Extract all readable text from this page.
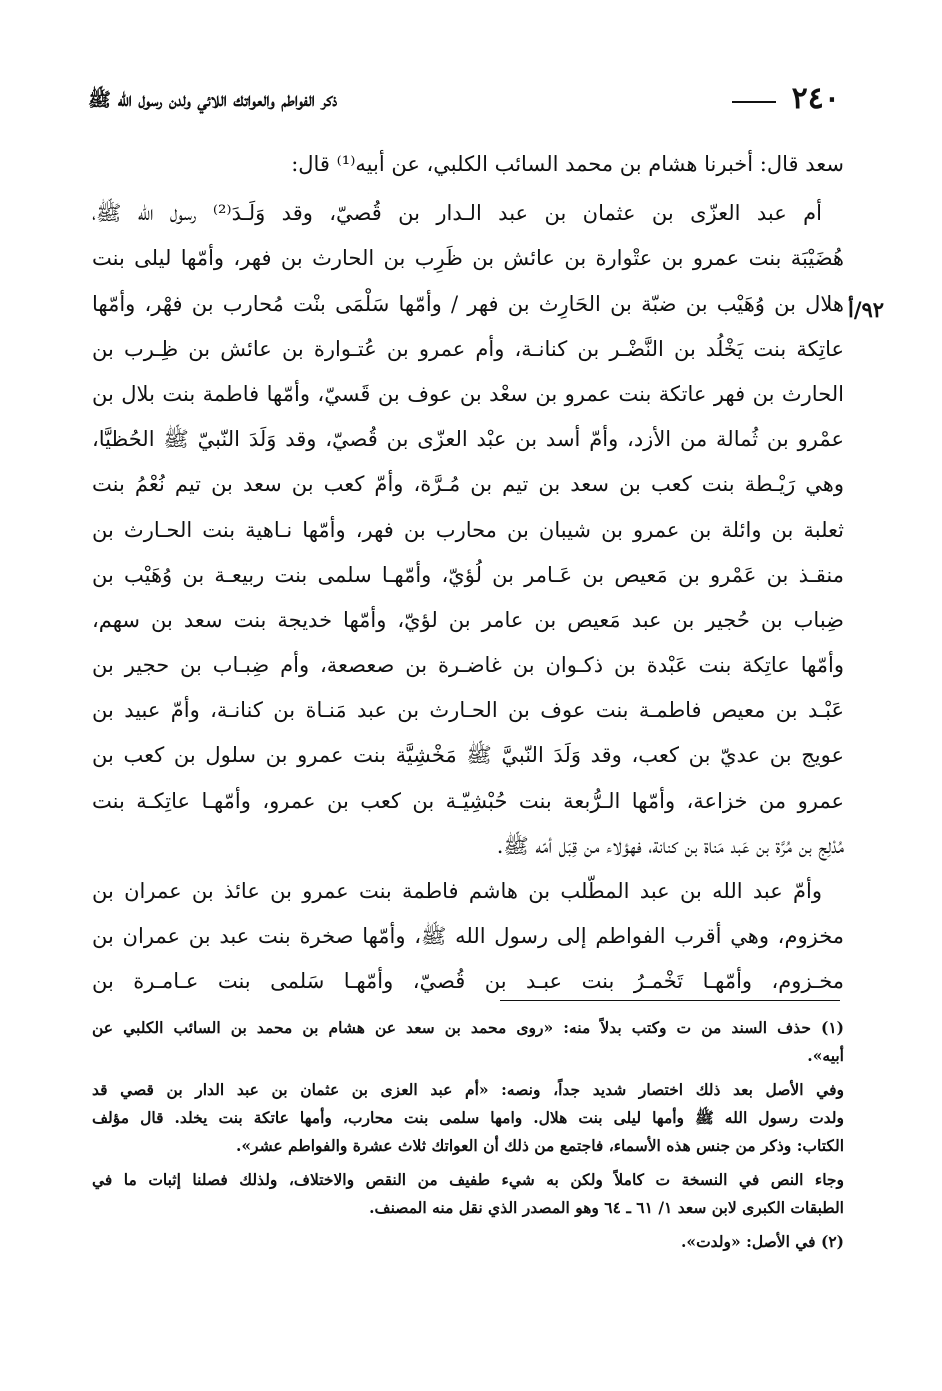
٢٤٠
ذكر الفواطم والعواتك اللائي ولدن رسول الله ﷺ
٩٢/أ
سعد قال: أخبرنا هشام بن محمد السائب الكلبي، عن أبيه⁽¹⁾ قال:
أم عبد العزّى بن عثمان بن عبد الـدار بن قُصيّ، وقد وَلَـدَ⁽²⁾ رسول الله ﷺ،
هُضَيْبَة بنت عمرو بن عتْوارة بن عائش بن ظَرِب بن الحارث بن فهر، وأمّها ليلى بنت
هلال بن وُهَيْب بن ضبّة بن الحَارِث بن فهر / وأمّها سَلْمَى بنْت مُحارب بن فهْر، وأمّها
عاتِكة بنت يَخْلُد بن النَّضْـر بن كنانـة، وأم عمرو بن عُتـوارة بن عائش بن ظِـرب بن
الحارث بن فهر عاتكة بنت عمرو بن سعْد بن عوف بن قَسيّ، وأمّها فاطمة بنت بلال بن
عمْرو بن ثُمالة من الأزد، وأمّ أسد بن عبْد العزّى بن قُصيّ، وقد وَلَدَ النّبيّ ﷺ الحُظيَّا،
وهي رَيْـطة بنت كعب بن سعد بن تيم بن مُـرَّة، وأمّ كعب بن سعد بن تيم نُعْمُ بنت
ثعلبة بن وائلة بن عمرو بن شيبان بن محارب بن فهر، وأمّها نـاهية بنت الحـارث بن
منقـذ بن عَمْرو بن مَعيص بن عَـامر بن لُؤيّ، وأمّهـا سلمى بنت ربيعـة بن وُهَيْب بن
ضِباب بن حُجير بن عبد مَعيص بن عامر بن لؤيّ، وأمّها خديجة بنت سعد بن سهم،
وأمّها عاتِكة بنت عَبْدة بن ذكـوان بن غاضـرة بن صعصعة، وأم ضِبـاب بن حجير بن
عَبْـد بن معيص فاطمـة بنت عوف بن الحـارث بن عبد مَنـاة بن كنانـة، وأمّ عبيد بن
عويج بن عديّ بن كعب، وقد وَلَدَ النّبيَّ ﷺ مَخْشِيَّة بنت عمرو بن سلول بن كعب بن
عمرو من خزاعة، وأمّها الـرُّبعة بنت حُبْشِيّـة بن كعب بن عمرو، وأمّهـا عاتِكـة بنت
مُدْلِج بن مُرَّة بن عَبد مَناة بن كنانة، فهؤلاء من قِبَل أمّه ﷺ.
وأمّ عبد الله بن عبد المطّلب بن هاشم فاطمة بنت عمرو بن عائذ بن عمران بن
مخزوم، وهي أقرب الفواطم إلى رسول الله ﷺ، وأمّها صخرة بنت عبد بن عمران بن
مخـزوم، وأمّهـا تَخْمـرُ بنت عبـد بن قُصيّ، وأمّهـا سَلمى بنت عـامـرة بن
(١) حذف السند من ت وكتب بدلاً منه: «روى محمد بن سعد عن هشام بن محمد بن السائب الكلبي عن
أبيه».
وفي الأصل بعد ذلك اختصار شديد جداً، ونصه: «أم عبد العزى بن عثمان بن عبد الدار بن قصي قد
ولدت رسول الله ﷺ وأمها ليلى بنت هلال. وامها سلمى بنت محارب، وأمها عاتكة بنت يخلد. قال مؤلف
الكتاب: وذكر من جنس هذه الأسماء، فاجتمع من ذلك أن العواتك ثلاث عشرة والفواطم عشر».
وجاء النص في النسخة ت كاملاً ولكن به شيء طفيف من النقص والاختلاف، ولذلك فصلنا إثبات ما في
الطبقات الكبرى لابن سعد ١/ ٦١ ـ ٦٤ وهو المصدر الذي نقل منه المصنف.
(٢) في الأصل: «ولدت».
